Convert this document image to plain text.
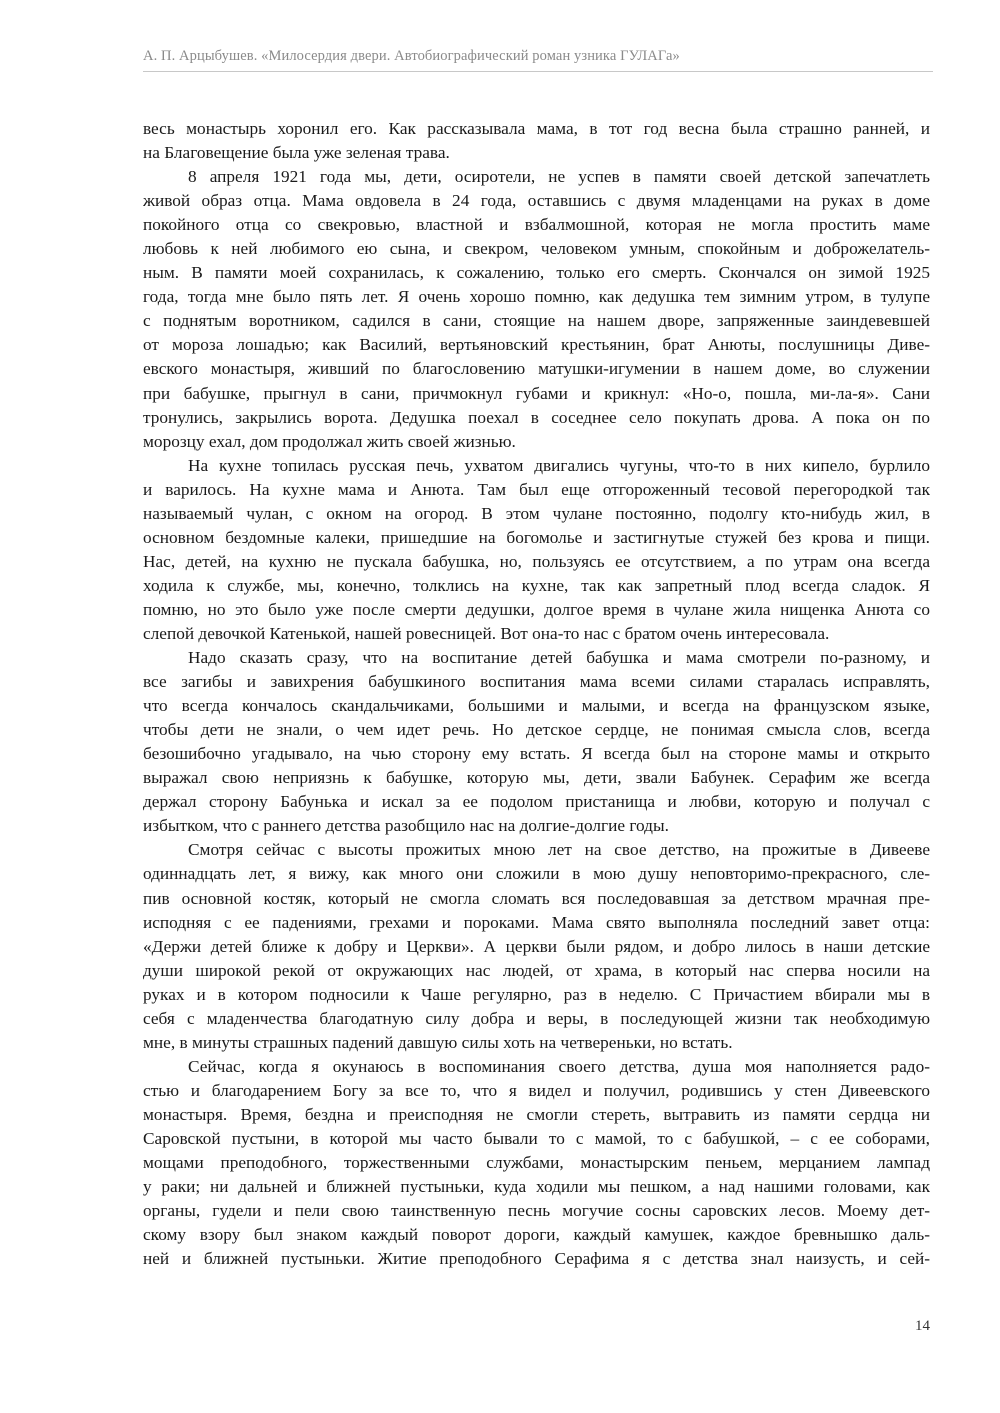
А. П. Арцыбушев. «Милосердия двери. Автобиографический роман узника ГУЛАГа»
весь монастырь хоронил его. Как рассказывала мама, в тот год весна была страшно ранней, и
на Благовещение была уже зеленая трава.
8 апреля 1921 года мы, дети, осиротели, не успев в памяти своей детской запечатлеть
живой образ отца. Мама овдовела в 24 года, оставшись с двумя младенцами на руках в доме
покойного отца со свекровью, властной и взбалмошной, которая не могла простить маме
любовь к ней любимого ею сына, и свекром, человеком умным, спокойным и доброжелатель-
ным. В памяти моей сохранилась, к сожалению, только его смерть. Скончался он зимой 1925
года, тогда мне было пять лет. Я очень хорошо помню, как дедушка тем зимним утром, в тулупе
с поднятым воротником, садился в сани, стоящие на нашем дворе, запряженные заиндевевшей
от мороза лошадью; как Василий, вертьяновский крестьянин, брат Анюты, послушницы Диве-
евского монастыря, живший по благословению матушки-игумении в нашем доме, во служении
при бабушке, прыгнул в сани, причмокнул губами и крикнул: «Но-о, пошла, ми-ла-я». Сани
тронулись, закрылись ворота. Дедушка поехал в соседнее село покупать дрова. А пока он по
морозцу ехал, дом продолжал жить своей жизнью.
На кухне топилась русская печь, ухватом двигались чугуны, что-то в них кипело, бурлило
и варилось. На кухне мама и Анюта. Там был еще отгороженный тесовой перегородкой так
называемый чулан, с окном на огород. В этом чулане постоянно, подолгу кто-нибудь жил, в
основном бездомные калеки, пришедшие на богомолье и застигнутые стужей без крова и пищи.
Нас, детей, на кухню не пускала бабушка, но, пользуясь ее отсутствием, а по утрам она всегда
ходила к службе, мы, конечно, толклись на кухне, так как запретный плод всегда сладок. Я
помню, но это было уже после смерти дедушки, долгое время в чулане жила нищенка Анюта со
слепой девочкой Катенькой, нашей ровесницей. Вот она-то нас с братом очень интересовала.
Надо сказать сразу, что на воспитание детей бабушка и мама смотрели по-разному, и
все загибы и завихрения бабушкиного воспитания мама всеми силами старалась исправлять,
что всегда кончалось скандальчиками, большими и малыми, и всегда на французском языке,
чтобы дети не знали, о чем идет речь. Но детское сердце, не понимая смысла слов, всегда
безошибочно угадывало, на чью сторону ему встать. Я всегда был на стороне мамы и открыто
выражал свою неприязнь к бабушке, которую мы, дети, звали Бабунек. Серафим же всегда
держал сторону Бабунька и искал за ее подолом пристанища и любви, которую и получал с
избытком, что с раннего детства разобщило нас на долгие-долгие годы.
Смотря сейчас с высоты прожитых мною лет на свое детство, на прожитые в Дивееве
одиннадцать лет, я вижу, как много они сложили в мою душу неповторимо-прекрасного, сле-
пив основной костяк, который не смогла сломать вся последовавшая за детством мрачная пре-
исподняя с ее падениями, грехами и пороками. Мама свято выполняла последний завет отца:
«Держи детей ближе к добру и Церкви». А церкви были рядом, и добро лилось в наши детские
души широкой рекой от окружающих нас людей, от храма, в который нас сперва носили на
руках и в котором подносили к Чаше регулярно, раз в неделю. С Причастием вбирали мы в
себя с младенчества благодатную силу добра и веры, в последующей жизни так необходимую
мне, в минуты страшных падений давшую силы хоть на четвереньки, но встать.
Сейчас, когда я окунаюсь в воспоминания своего детства, душа моя наполняется радо-
стью и благодарением Богу за все то, что я видел и получил, родившись у стен Дивеевского
монастыря. Время, бездна и преисподняя не смогли стереть, вытравить из памяти сердца ни
Саровской пустыни, в которой мы часто бывали то с мамой, то с бабушкой, – с ее соборами,
мощами преподобного, торжественными службами, монастырским пеньем, мерцанием лампад
у раки; ни дальней и ближней пустыньки, куда ходили мы пешком, а над нашими головами, как
органы, гудели и пели свою таинственную песнь могучие сосны саровских лесов. Моему дет-
скому взору был знаком каждый поворот дороги, каждый камушек, каждое бревнышко даль-
ней и ближней пустыньки. Житие преподобного Серафима я с детства знал наизусть, и сей-
14
